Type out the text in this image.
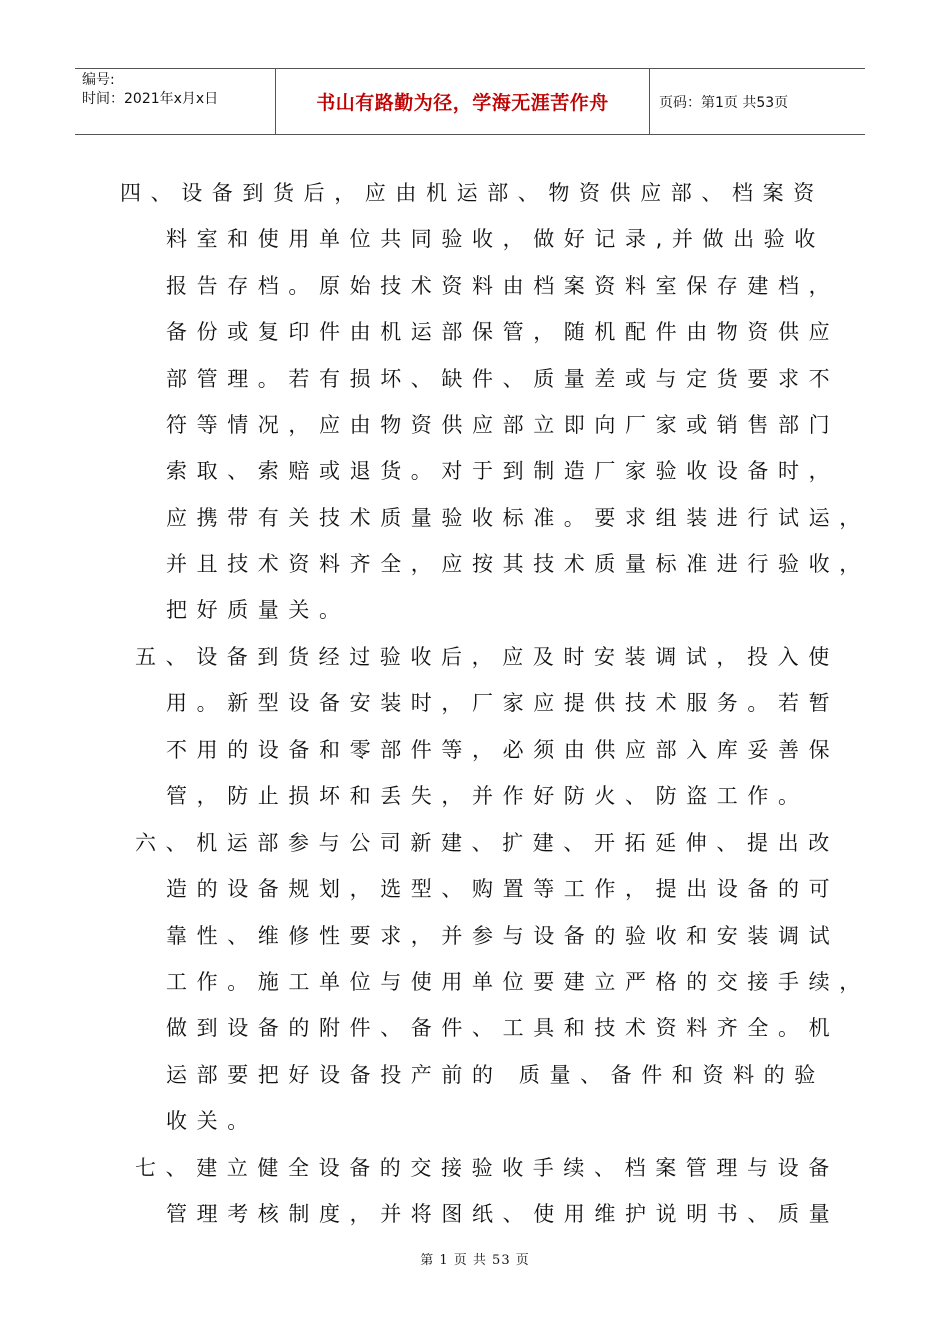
编号:
时间：2021年x月x日	书山有路勤为径，学海无涯苦作舟	页码：第1页 共53页
四、设备到货后，应由机运部、物资供应部、档案资
料室和使用单位共同验收，做好记录,并做出验收
报告存档。原始技术资料由档案资料室保存建档，
备份或复印件由机运部保管，随机配件由物资供应
部管理。若有损坏、缺件、质量差或与定货要求不
符等情况，应由物资供应部立即向厂家或销售部门
索取、索赔或退货。对于到制造厂家验收设备时，
应携带有关技术质量验收标准。要求组装进行试运，
并且技术资料齐全，应按其技术质量标准进行验收，
把好质量关。
五、设备到货经过验收后，应及时安装调试，投入使
用。新型设备安装时，厂家应提供技术服务。若暂
不用的设备和零部件等，必须由供应部入库妥善保
管，防止损坏和丢失，并作好防火、防盗工作。
六、机运部参与公司新建、扩建、开拓延伸、提出改
造的设备规划，选型、购置等工作，提出设备的可
靠性、维修性要求，并参与设备的验收和安装调试
工作。施工单位与使用单位要建立严格的交接手续，
做到设备的附件、备件、工具和技术资料齐全。机
运部要把好设备投产前的 质量、备件和资料的验
收关。
七、建立健全设备的交接验收手续、档案管理与设备
管理考核制度，并将图纸、使用维护说明书、质量
第 1 页 共 53 页
